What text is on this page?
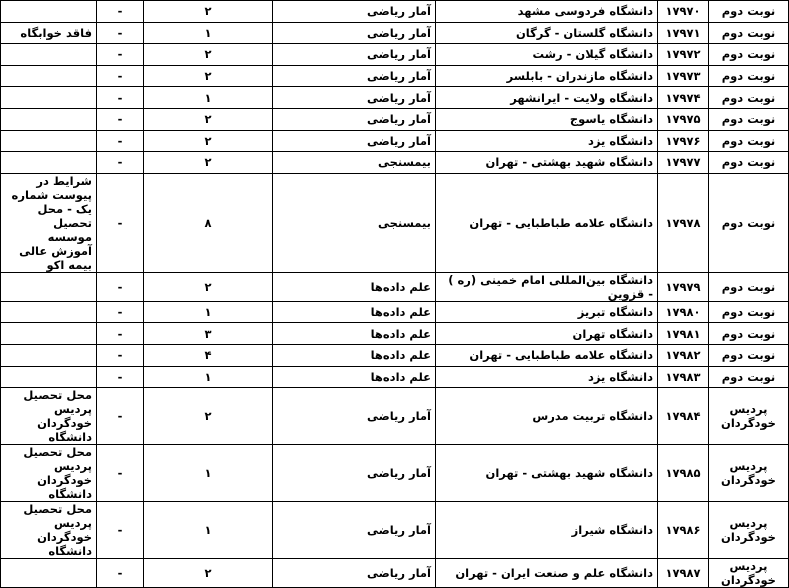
نوبت دوم	۱۷۹۷۰	دانشگاه فردوسی مشهد	آمار ریاضی	۲	-	
نوبت دوم	۱۷۹۷۱	دانشگاه گلستان - گرگان	آمار ریاضی	۱	-	فاقد خوابگاه
نوبت دوم	۱۷۹۷۲	دانشگاه گیلان - رشت	آمار ریاضی	۲	-	
نوبت دوم	۱۷۹۷۳	دانشگاه مازندران - بابلسر	آمار ریاضی	۲	-	
نوبت دوم	۱۷۹۷۴	دانشگاه ولایت - ایرانشهر	آمار ریاضی	۱	-	
نوبت دوم	۱۷۹۷۵	دانشگاه یاسوج	آمار ریاضی	۲	-	
نوبت دوم	۱۷۹۷۶	دانشگاه یزد	آمار ریاضی	۲	-	
نوبت دوم	۱۷۹۷۷	دانشگاه شهید بهشتی - تهران	بیمسنجی	۲	-	
نوبت دوم	۱۷۹۷۸	دانشگاه علامه طباطبایی - تهران	بیمسنجی	۸	-	شرایط در پیوست شماره یک - محل تحصیل موسسه آموزش عالی بیمه اکو
نوبت دوم	۱۷۹۷۹	دانشگاه بین‌المللی امام خمینی (ره ) - قزوین	علم داده‌ها	۲	-	
نوبت دوم	۱۷۹۸۰	دانشگاه تبریز	علم داده‌ها	۱	-	
نوبت دوم	۱۷۹۸۱	دانشگاه تهران	علم داده‌ها	۳	-	
نوبت دوم	۱۷۹۸۲	دانشگاه علامه طباطبایی - تهران	علم داده‌ها	۴	-	
نوبت دوم	۱۷۹۸۳	دانشگاه یزد	علم داده‌ها	۱	-	
پردیس خودگردان	۱۷۹۸۴	دانشگاه تربیت مدرس	آمار ریاضی	۲	-	محل تحصیل پردیس خودگردان دانشگاه
پردیس خودگردان	۱۷۹۸۵	دانشگاه شهید بهشتی - تهران	آمار ریاضی	۱	-	محل تحصیل پردیس خودگردان دانشگاه
پردیس خودگردان	۱۷۹۸۶	دانشگاه شیراز	آمار ریاضی	۱	-	محل تحصیل پردیس خودگردان دانشگاه
پردیس خودگردان	۱۷۹۸۷	دانشگاه علم و صنعت ایران - تهران	آمار ریاضی	۲	-	
